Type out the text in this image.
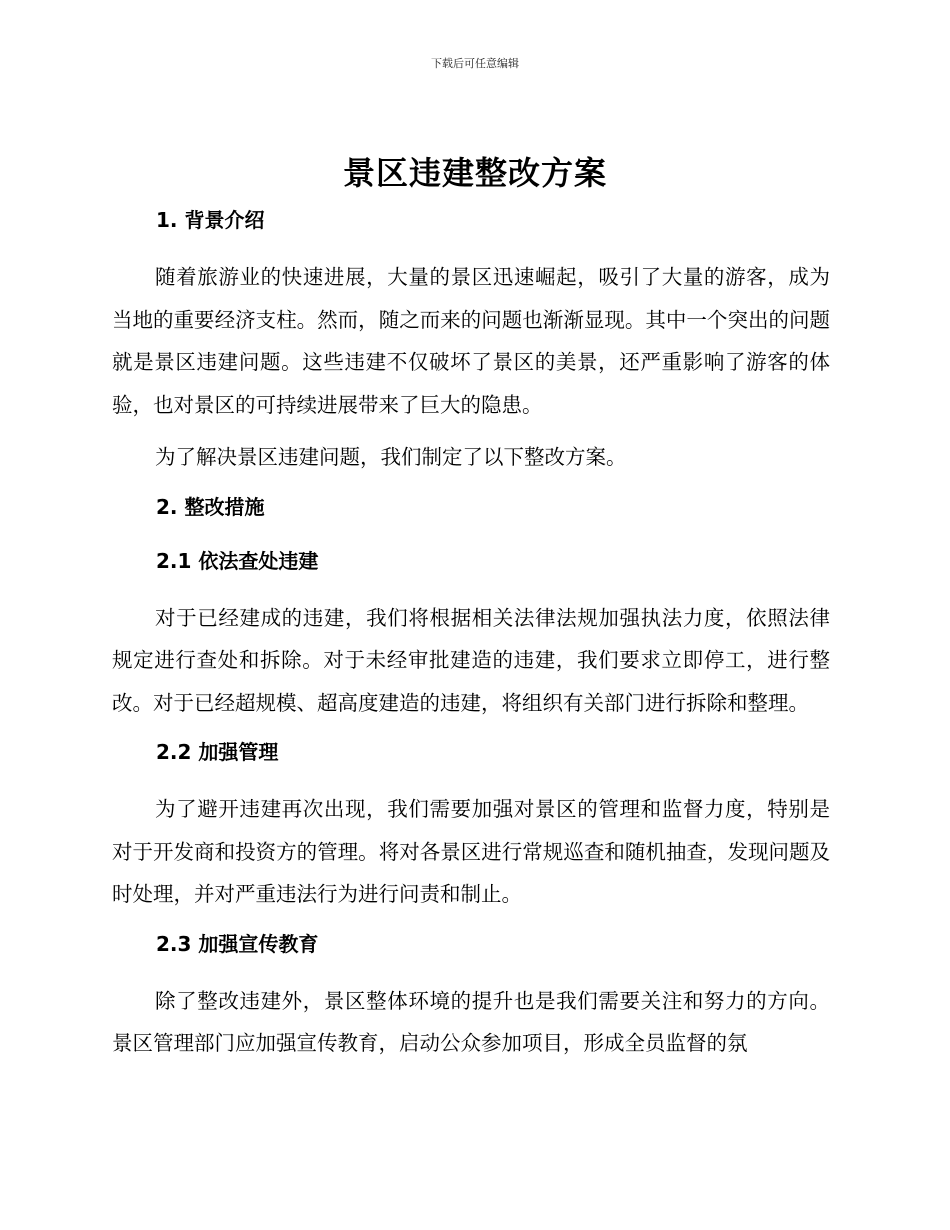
下载后可任意编辑
景区违建整改方案
1. 背景介绍

随着旅游业的快速进展，大量的景区迅速崛起，吸引了大量的游客，成为当地的重要经济支柱。然而，随之而来的问题也渐渐显现。其中一个突出的问题就是景区违建问题。这些违建不仅破坏了景区的美景，还严重影响了游客的体验，也对景区的可持续进展带来了巨大的隐患。

为了解决景区违建问题，我们制定了以下整改方案。

2. 整改措施
2.1 依法查处违建

对于已经建成的违建，我们将根据相关法律法规加强执法力度，依照法律规定进行查处和拆除。对于未经审批建造的违建，我们要求立即停工，进行整改。对于已经超规模、超高度建造的违建，将组织有关部门进行拆除和整理。

2.2 加强管理

为了避开违建再次出现，我们需要加强对景区的管理和监督力度，特别是对于开发商和投资方的管理。将对各景区进行常规巡查和随机抽查，发现问题及时处理，并对严重违法行为进行问责和制止。

2.3 加强宣传教育

除了整改违建外，景区整体环境的提升也是我们需要关注和努力的方向。景区管理部门应加强宣传教育，启动公众参加项目，形成全员监督的氛
